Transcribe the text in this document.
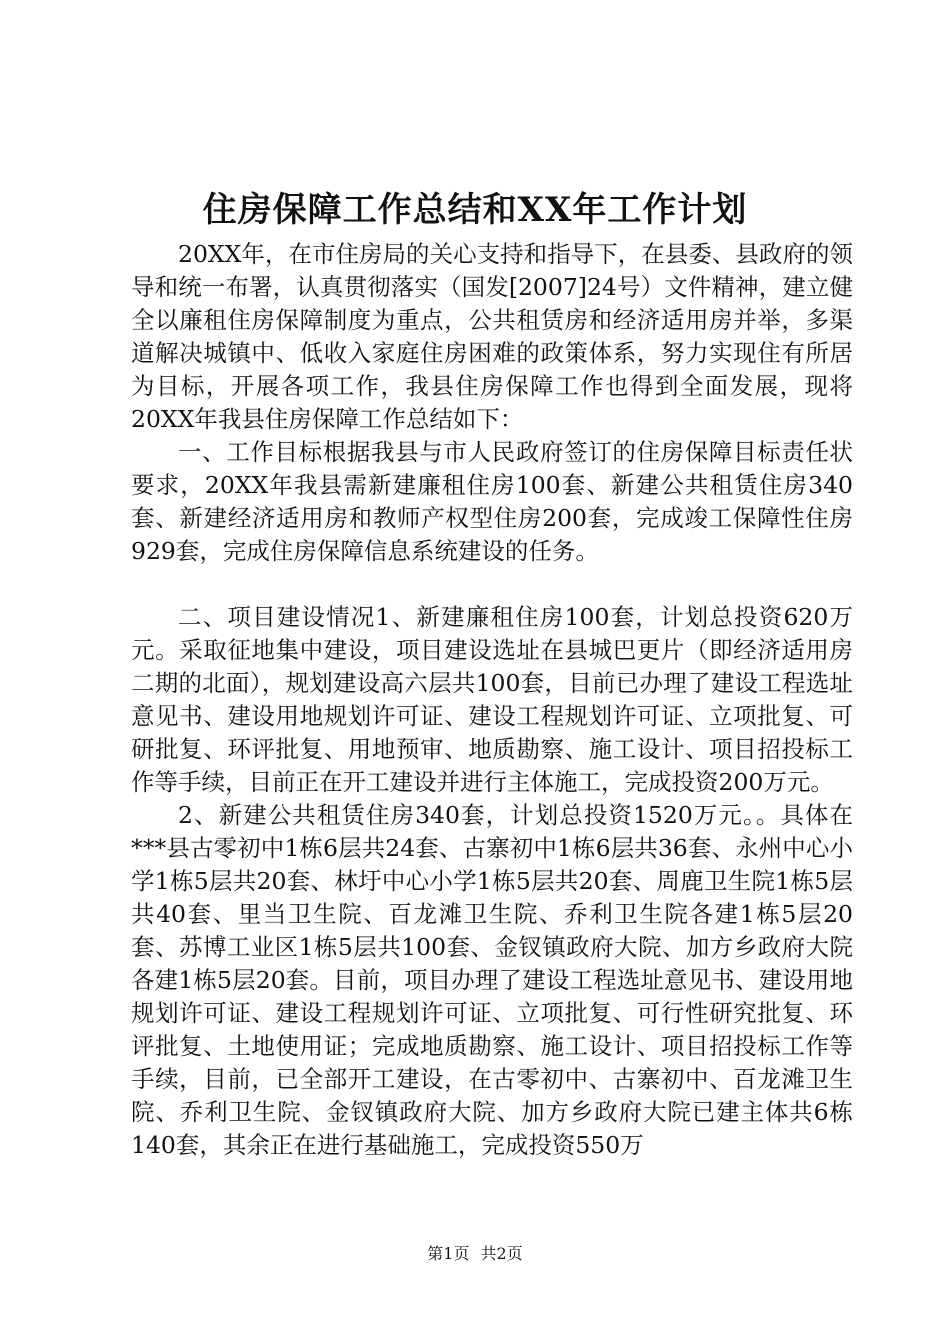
住房保障工作总结和XX年工作计划

20XX年，在市住房局的关心支持和指导下，在县委、县政府的领导和统一布署，认真贯彻落实（国发[2007]24号）文件精神，建立健全以廉租住房保障制度为重点，公共租赁房和经济适用房并举，多渠道解决城镇中、低收入家庭住房困难的政策体系，努力实现住有所居为目标，开展各项工作，我县住房保障工作也得到全面发展，现将20XX年我县住房保障工作总结如下：

一、工作目标根据我县与市人民政府签订的住房保障目标责任状要求，20XX年我县需新建廉租住房100套、新建公共租赁住房340套、新建经济适用房和教师产权型住房200套，完成竣工保障性住房929套，完成住房保障信息系统建设的任务。

二、项目建设情况1、新建廉租住房100套，计划总投资620万元。采取征地集中建设，项目建设选址在县城巴更片（即经济适用房二期的北面），规划建设高六层共100套，目前已办理了建设工程选址意见书、建设用地规划许可证、建设工程规划许可证、立项批复、可研批复、环评批复、用地预审、地质勘察、施工设计、项目招投标工作等手续，目前正在开工建设并进行主体施工，完成投资200万元。

2、新建公共租赁住房340套，计划总投资1520万元。。具体在***县古零初中1栋6层共24套、古寨初中1栋6层共36套、永州中心小学1栋5层共20套、林圩中心小学1栋5层共20套、周鹿卫生院1栋5层共40套、里当卫生院、百龙滩卫生院、乔利卫生院各建1栋5层20套、苏博工业区1栋5层共100套、金钗镇政府大院、加方乡政府大院各建1栋5层20套。目前，项目办理了建设工程选址意见书、建设用地规划许可证、建设工程规划许可证、立项批复、可行性研究批复、环评批复、土地使用证；完成地质勘察、施工设计、项目招投标工作等手续，目前，已全部开工建设，在古零初中、古寨初中、百龙滩卫生院、乔利卫生院、金钗镇政府大院、加方乡政府大院已建主体共6栋140套，其余正在进行基础施工，完成投资550万

第1页 共2页
